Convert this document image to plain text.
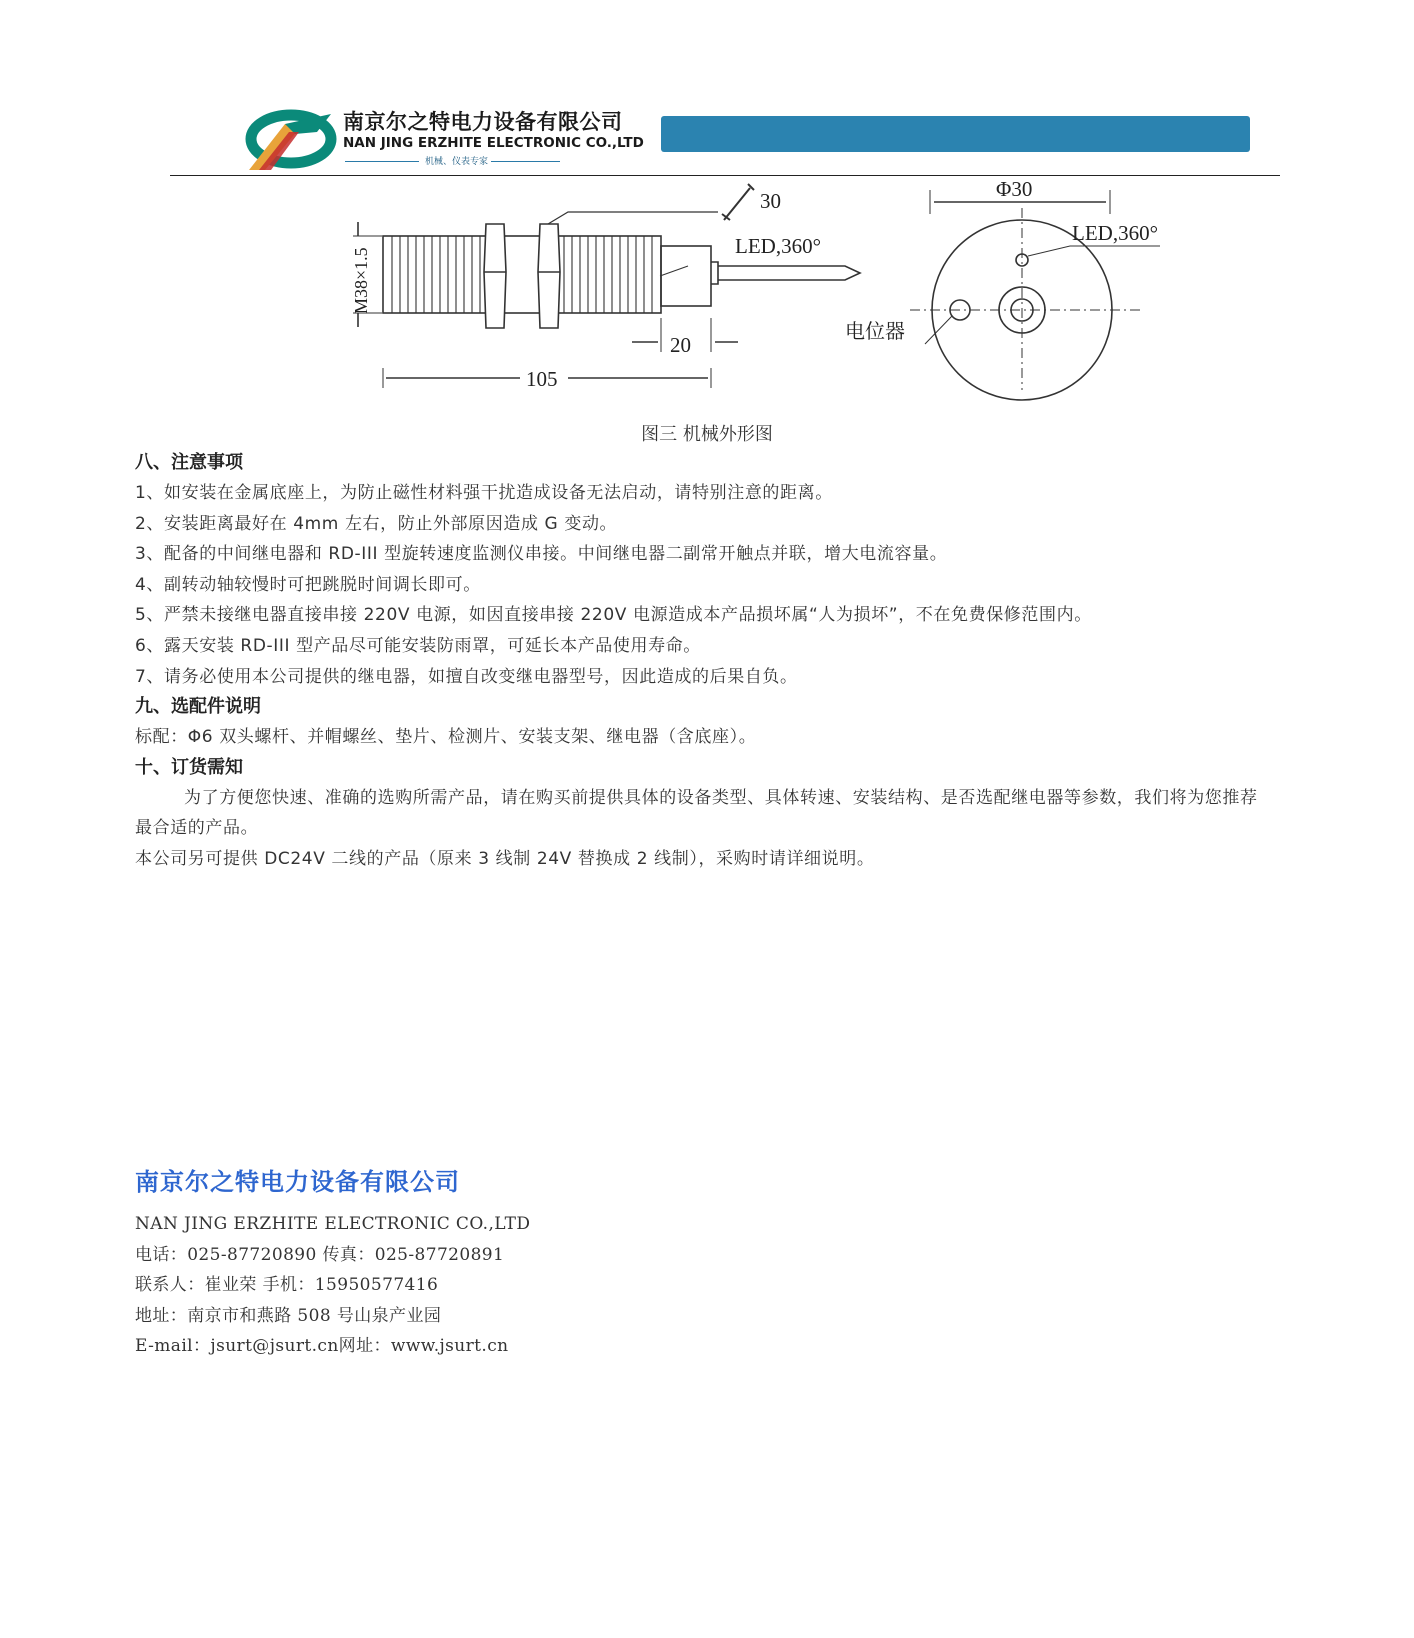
南京尔之特电力设备有限公司
NAN JING ERZHITE ELECTRONIC CO.,LTD
机械、仪表专家
30
LED,360°
M38×1.5
20
105
Φ30
LED,360°
电位器
图三 机械外形图

八、注意事项

1、如安装在金属底座上，为防止磁性材料强干扰造成设备无法启动，请特别注意的距离。

2、安装距离最好在 4mm 左右，防止外部原因造成 G 变动。

3、配备的中间继电器和 RD-III 型旋转速度监测仪串接。中间继电器二副常开触点并联，增大电流容量。

4、副转动轴较慢时可把跳脱时间调长即可。

5、严禁未接继电器直接串接 220V 电源，如因直接串接 220V 电源造成本产品损坏属“人为损坏”，不在免费保修范围内。

6、露天安装 RD-III 型产品尽可能安装防雨罩，可延长本产品使用寿命。

7、请务必使用本公司提供的继电器，如擅自改变继电器型号，因此造成的后果自负。

九、选配件说明

标配：Φ6 双头螺杆、并帽螺丝、垫片、检测片、安装支架、继电器（含底座）。

十、订货需知

为了方便您快速、准确的选购所需产品，请在购买前提供具体的设备类型、具体转速、安装结构、是否选配继电器等参数，我们将为您推荐最合适的产品。

本公司另可提供 DC24V 二线的产品（原来 3 线制 24V 替换成 2 线制），采购时请详细说明。

南京尔之特电力设备有限公司

NAN JING ERZHITE ELECTRONIC CO.,LTD

电话：025-87720890 传真：025-87720891

联系人：崔业荣 手机：15950577416

地址：南京市和燕路 508 号山泉产业园

E-mail：jsurt@jsurt.cn网址：www.jsurt.cn
